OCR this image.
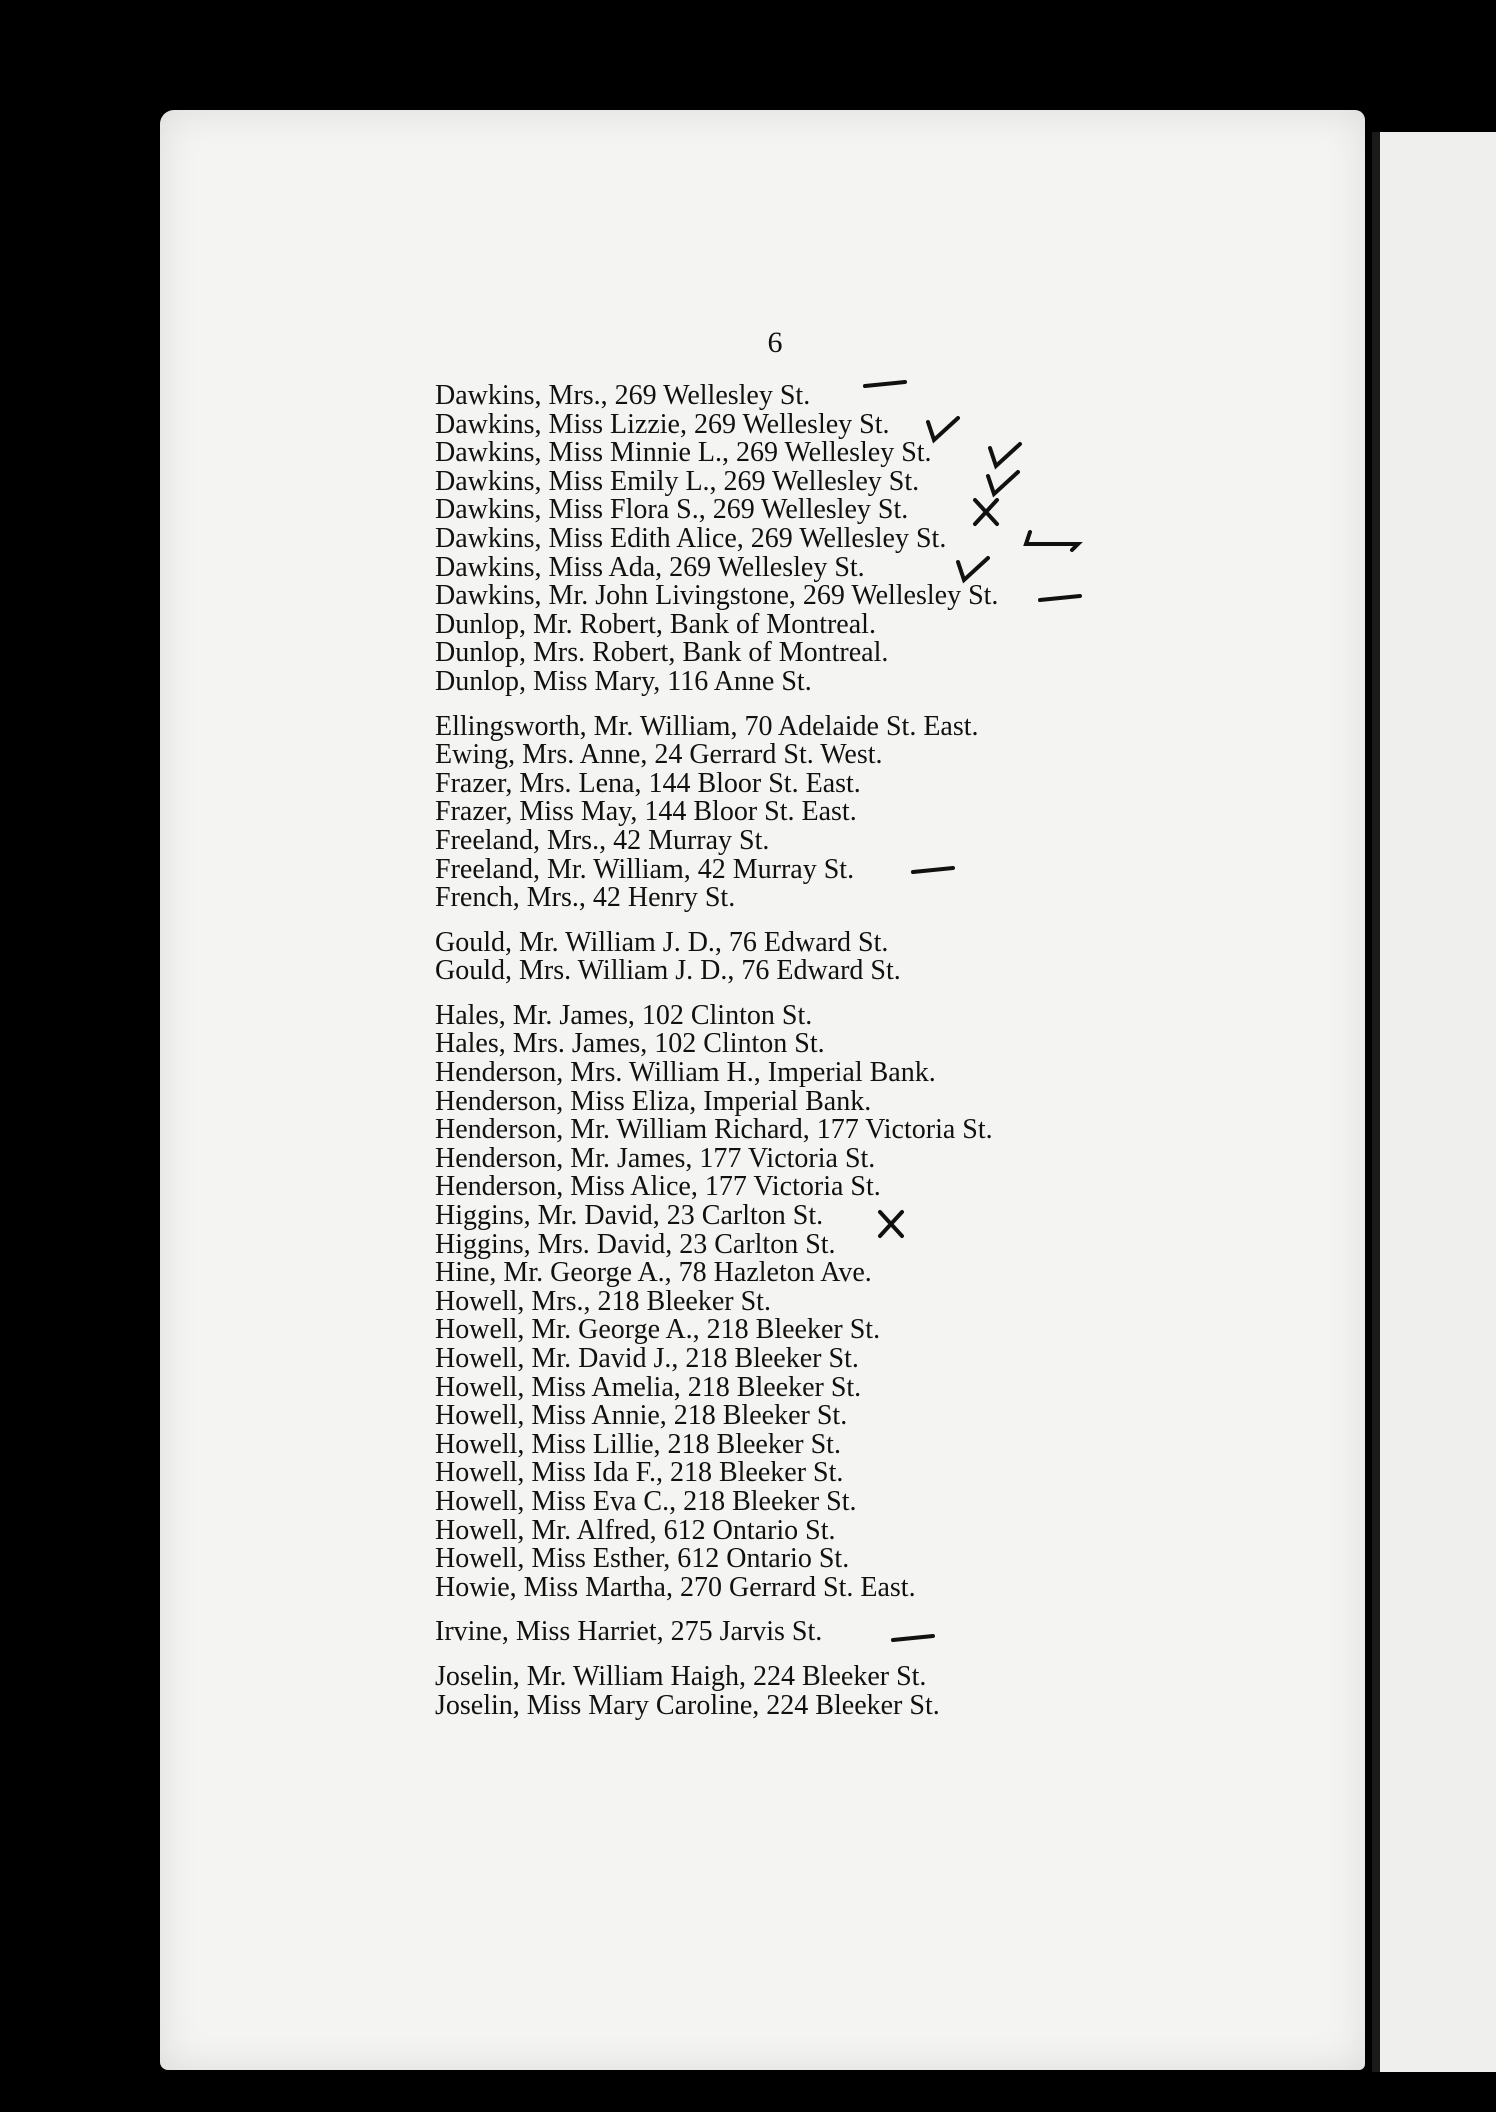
6
Dawkins, Mrs., 269 Wellesley St.
Dawkins, Miss Lizzie, 269 Wellesley St.
Dawkins, Miss Minnie L., 269 Wellesley St.
Dawkins, Miss Emily L., 269 Wellesley St.
Dawkins, Miss Flora S., 269 Wellesley St.
Dawkins, Miss Edith Alice, 269 Wellesley St.
Dawkins, Miss Ada, 269 Wellesley St.
Dawkins, Mr. John Livingstone, 269 Wellesley St.
Dunlop, Mr. Robert, Bank of Montreal.
Dunlop, Mrs. Robert, Bank of Montreal.
Dunlop, Miss Mary, 116 Anne St.
Ellingsworth, Mr. William, 70 Adelaide St. East.
Ewing, Mrs. Anne, 24 Gerrard St. West.
Frazer, Mrs. Lena, 144 Bloor St. East.
Frazer, Miss May, 144 Bloor St. East.
Freeland, Mrs., 42 Murray St.
Freeland, Mr. William, 42 Murray St.
French, Mrs., 42 Henry St.
Gould, Mr. William J. D., 76 Edward St.
Gould, Mrs. William J. D., 76 Edward St.
Hales, Mr. James, 102 Clinton St.
Hales, Mrs. James, 102 Clinton St.
Henderson, Mrs. William H., Imperial Bank.
Henderson, Miss Eliza, Imperial Bank.
Henderson, Mr. William Richard, 177 Victoria St.
Henderson, Mr. James, 177 Victoria St.
Henderson, Miss Alice, 177 Victoria St.
Higgins, Mr. David, 23 Carlton St.
Higgins, Mrs. David, 23 Carlton St.
Hine, Mr. George A., 78 Hazleton Ave.
Howell, Mrs., 218 Bleeker St.
Howell, Mr. George A., 218 Bleeker St.
Howell, Mr. David J., 218 Bleeker St.
Howell, Miss Amelia, 218 Bleeker St.
Howell, Miss Annie, 218 Bleeker St.
Howell, Miss Lillie, 218 Bleeker St.
Howell, Miss Ida F., 218 Bleeker St.
Howell, Miss Eva C., 218 Bleeker St.
Howell, Mr. Alfred, 612 Ontario St.
Howell, Miss Esther, 612 Ontario St.
Howie, Miss Martha, 270 Gerrard St. East.
Irvine, Miss Harriet, 275 Jarvis St.
Joselin, Mr. William Haigh, 224 Bleeker St.
Joselin, Miss Mary Caroline, 224 Bleeker St.
